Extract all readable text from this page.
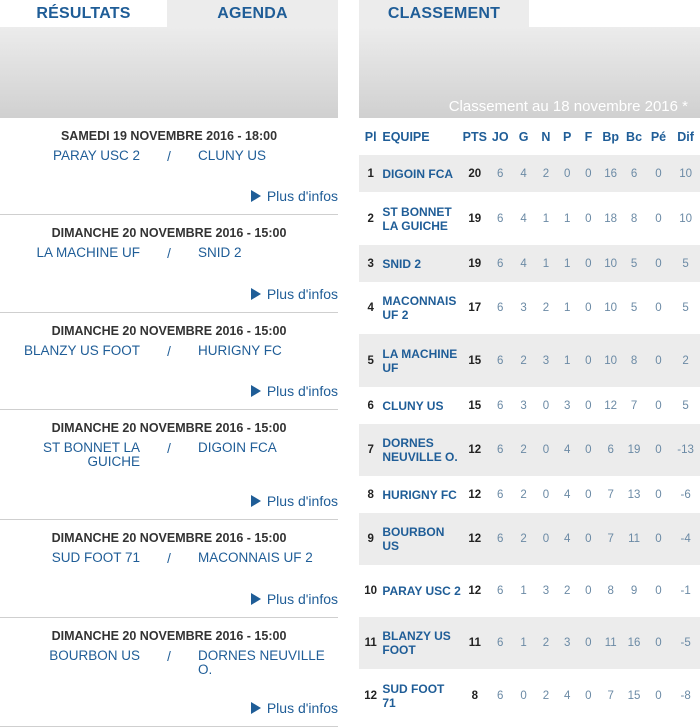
RÉSULTATS	AGENDA
SAMEDI 19 NOVEMBRE 2016 - 18:00
PARAY USC 2	/	CLUNY US
Plus d'infos
DIMANCHE 20 NOVEMBRE 2016 - 15:00
LA MACHINE UF	/	SNID 2
Plus d'infos
DIMANCHE 20 NOVEMBRE 2016 - 15:00
BLANZY US FOOT	/	HURIGNY FC
Plus d'infos
DIMANCHE 20 NOVEMBRE 2016 - 15:00
ST BONNET LA GUICHE
/	DIGOIN FCA
Plus d'infos
DIMANCHE 20 NOVEMBRE 2016 - 15:00
SUD FOOT 71	/	MACONNAIS UF 2
Plus d'infos
DIMANCHE 20 NOVEMBRE 2016 - 15:00
BOURBON US	/	DORNES NEUVILLE O.
Plus d'infos
CLASSEMENT
Classement au 18 novembre 2016 *
Pl	EQUIPE	PTS	JO	G	N	P	F	Bp	Bc	Pé	Dif
1	DIGOIN FCA	20	6	4	2	0	0	16	6	0	10
2	ST BONNET LA GUICHE	19	6	4	1	1	0	18	8	0	10
3	SNID 2	19	6	4	1	1	0	10	5	0	5
4	MACONNAIS UF 2	17	6	3	2	1	0	10	5	0	5
5	LA MACHINE UF	15	6	2	3	1	0	10	8	0	2
6	CLUNY US	15	6	3	0	3	0	12	7	0	5
7	DORNES NEUVILLE O.	12	6	2	0	4	0	6	19	0	-13
8	HURIGNY FC	12	6	2	0	4	0	7	13	0	-6
9	BOURBON US	12	6	2	0	4	0	7	11	0	-4
10	PARAY USC 2	12	6	1	3	2	0	8	9	0	-1
11	BLANZY US FOOT	11	6	1	2	3	0	11	16	0	-5
12	SUD FOOT 71	8	6	0	2	4	0	7	15	0	-8
